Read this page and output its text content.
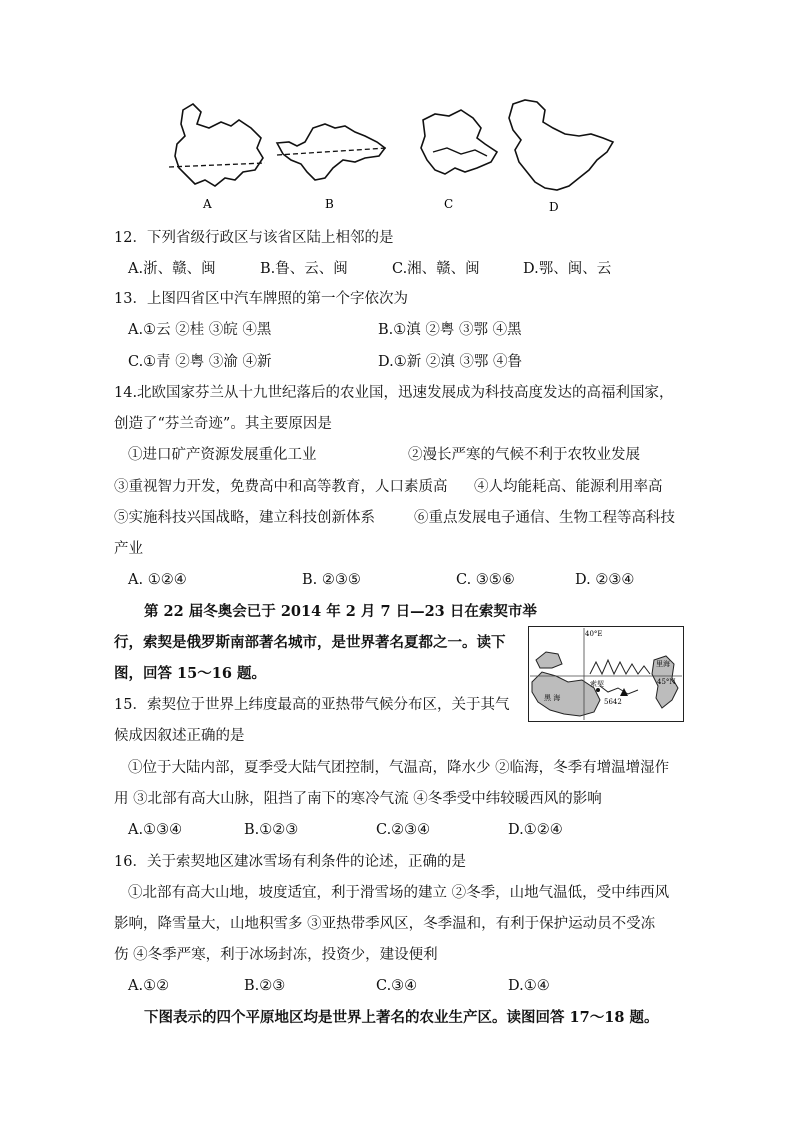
A	B	C	D
12．下列省级行政区与该省区陆上相邻的是
A.浙、赣、闽	B.鲁、云、闽	C.湘、赣、闽	D.鄂、闽、云
13．上图四省区中汽车牌照的第一个字依次为
A.①云 ②桂 ③皖 ④黑	B.①滇 ②粤 ③鄂 ④黑
C.①青 ②粤 ③渝 ④新	D.①新 ②滇 ③鄂 ④鲁
14.北欧国家芬兰从十九世纪落后的农业国，迅速发展成为科技高度发达的高福利国家，
创造了“芬兰奇迹”。其主要原因是
①进口矿产资源发展重化工业	②漫长严寒的气候不利于农牧业发展
③重视智力开发，免费高中和高等教育，人口素质高 ④人均能耗高、能源利用率高
⑤实施科技兴国战略，建立科技创新体系	⑥重点发展电子通信、生物工程等高科技
产业
A. ①②④	B. ②③⑤	C. ③⑤⑥	D. ②③④
第 22 届冬奥会已于 2014 年 2 月 7 日—23 日在索契市举
行，索契是俄罗斯南部著名城市，是世界著名夏都之一。读下
图，回答 15～16 题。
40°E
45°N
黑 海
里海
索契
5642
15．索契位于世界上纬度最高的亚热带气候分布区，关于其气
候成因叙述正确的是
①位于大陆内部，夏季受大陆气团控制，气温高，降水少 ②临海，冬季有增温增湿作
用 ③北部有高大山脉，阻挡了南下的寒冷气流 ④冬季受中纬较暖西风的影响
A.①③④	B.①②③	C.②③④	D.①②④
16．关于索契地区建冰雪场有利条件的论述，正确的是
①北部有高大山地，坡度适宜，利于滑雪场的建立 ②冬季，山地气温低，受中纬西风
影响，降雪量大，山地积雪多 ③亚热带季风区，冬季温和，有利于保护运动员不受冻
伤 ④冬季严寒，利于冰场封冻，投资少，建设便利
A.①②	B.②③	C.③④	D.①④
下图表示的四个平原地区均是世界上著名的农业生产区。读图回答 17～18 题。
